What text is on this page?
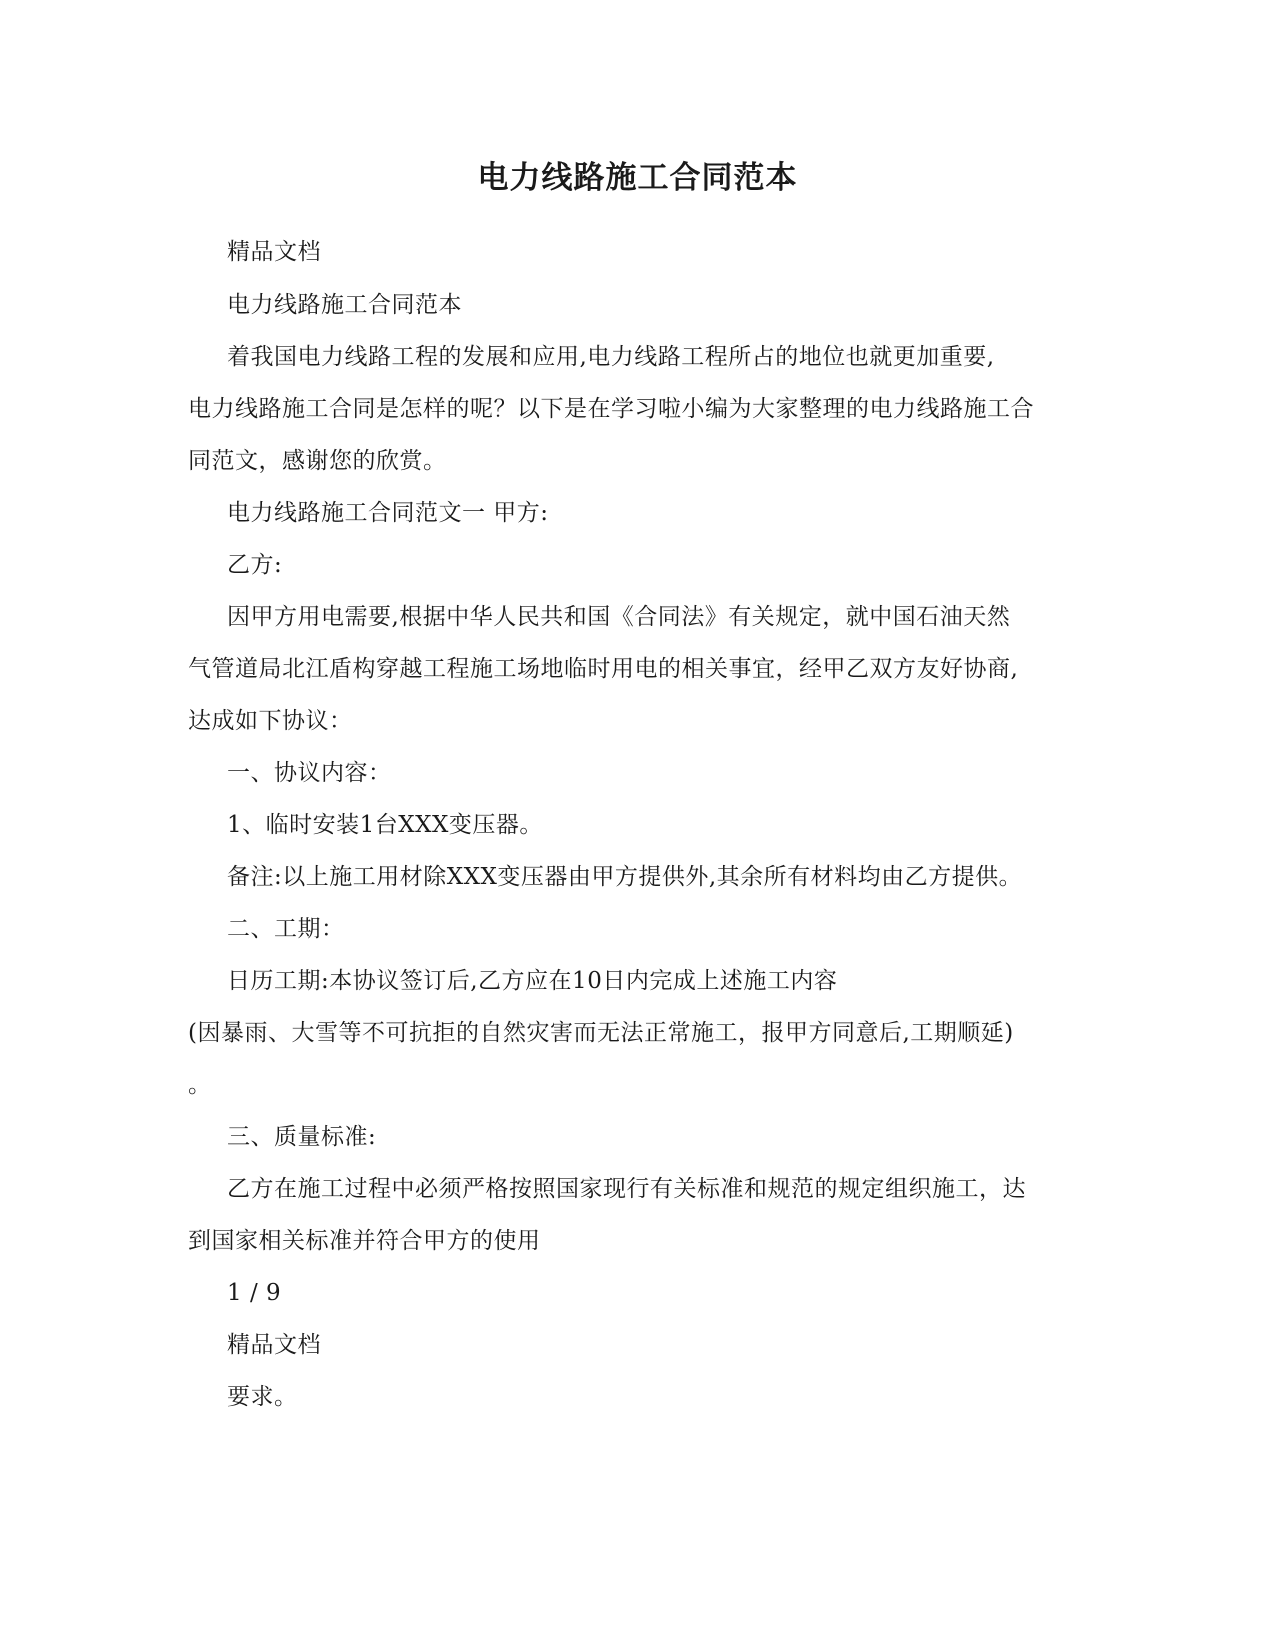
电力线路施工合同范本
精品文档
电力线路施工合同范本
着我国电力线路工程的发展和应用,电力线路工程所占的地位也就更加重要,
电力线路施工合同是怎样的呢？以下是在学习啦小编为大家整理的电力线路施工合
同范文，感谢您的欣赏。
电力线路施工合同范文一 甲方:
乙方:
因甲方用电需要,根据中华人民共和国《合同法》有关规定，就中国石油天然
气管道局北江盾构穿越工程施工场地临时用电的相关事宜，经甲乙双方友好协商,
达成如下协议：
一、协议内容：
1、临时安装1台XXX变压器。
备注:以上施工用材除XXX变压器由甲方提供外,其余所有材料均由乙方提供。
二、工期：
日历工期:本协议签订后,乙方应在10日内完成上述施工内容
(因暴雨、大雪等不可抗拒的自然灾害而无法正常施工，报甲方同意后,工期顺延)
。
三、质量标准:
乙方在施工过程中必须严格按照国家现行有关标准和规范的规定组织施工，达
到国家相关标准并符合甲方的使用
1 / 9
精品文档
要求。
